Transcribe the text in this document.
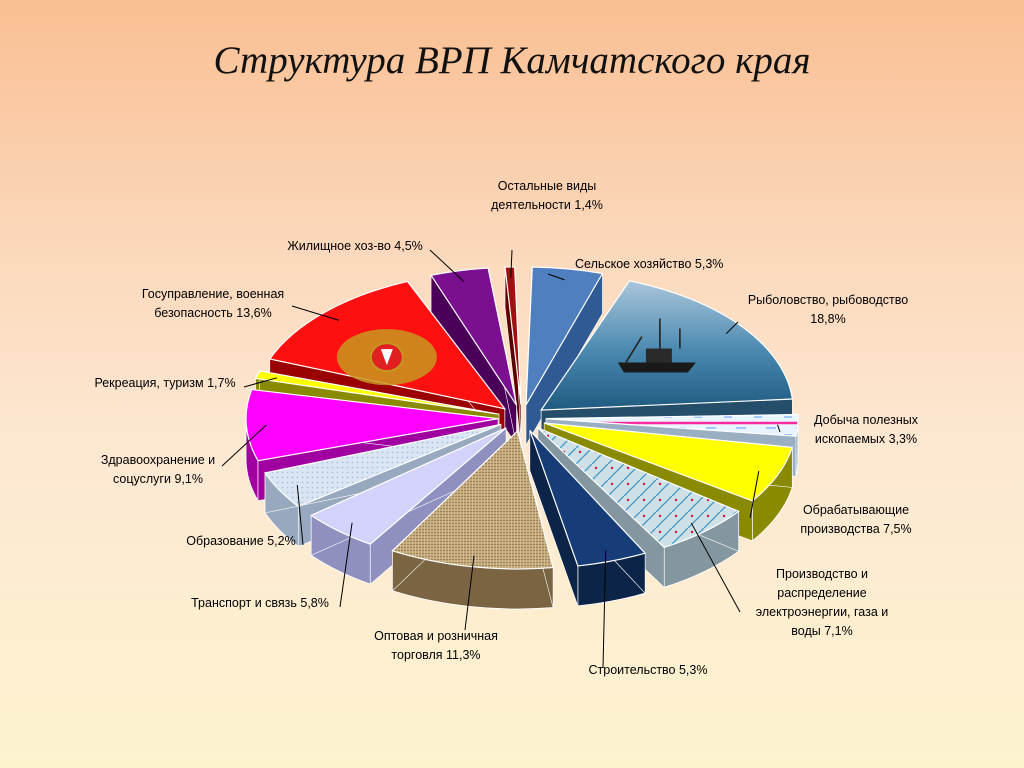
Структура ВРП Камчатского края
Сельское хозяйство 5,3%
Рыболовство, рыбоводство 18,8%
Добыча полезных ископаемых 3,3%
Обрабатывающие производства 7,5%
Производство и распределение электроэнергии, газа и воды 7,1%
Строительство 5,3%
Оптовая и розничная торговля 11,3%
Транспорт и связь 5,8%
Образование 5,2%
Здравоохранение и соцуслуги 9,1%
Рекреация, туризм 1,7%
Госуправление, военная безопасность 13,6%
Жилищное хоз-во 4,5%
Остальные виды деятельности 1,4%
